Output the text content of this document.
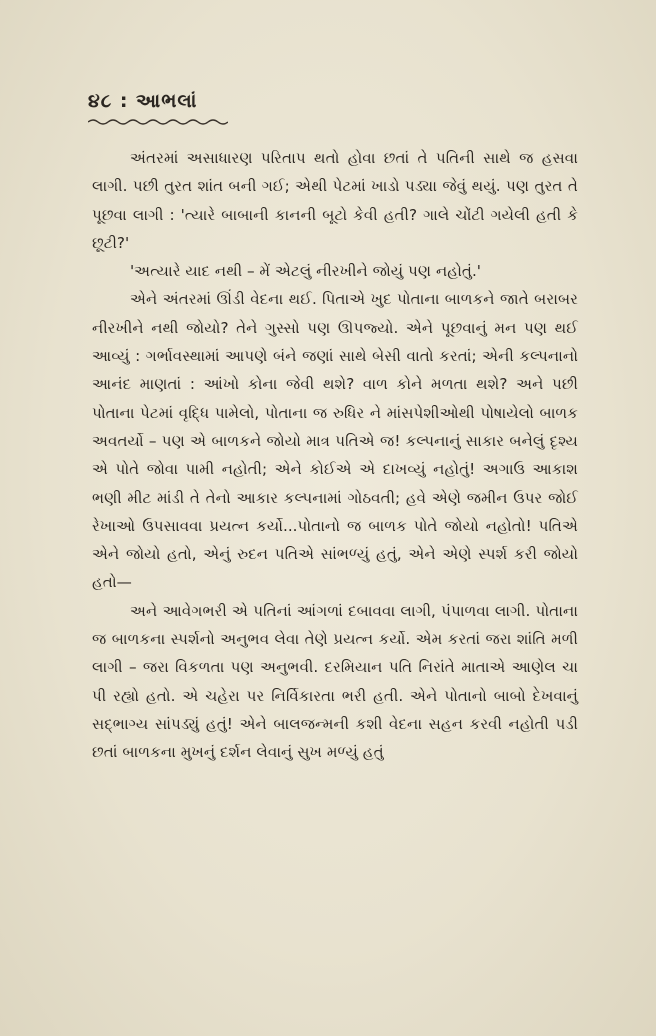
૪૮ : આભલાં

અંતરમાં અસાધારણ પરિતાપ થતો હોવા છતાં તે પતિની સાથે જ હસવા લાગી. પછી તુરત શાંત બની ગઈ; એથી પેટમાં ખાડો પડ્યા જેવું થયું. પણ તુરત તે પૂછવા લાગી : 'ત્યારે બાબાની કાનની બૂટો કેવી હતી? ગાલે ચોંટી ગયેલી હતી કે છૂટી?'

'અત્યારે યાદ નથી – મેં એટલું નીરખીને જોયું પણ નહોતું.'

એને અંતરમાં ઊંડી વેદના થઈ. પિતાએ ખુદ પોતાના બાળકને જાતે બરાબર નીરખીને નથી જોયો? તેને ગુસ્સો પણ ઊપજ્યો. એને પૂછવાનું મન પણ થઈ આવ્યું : ગર્ભાવસ્થામાં આપણે બંને જણાં સાથે બેસી વાતો કરતાં; એની કલ્પનાનો આનંદ માણતાં : આંખો કોના જેવી થશે? વાળ કોને મળતા થશે? અને પછી પોતાના પેટમાં વૃદ્ધિ પામેલો, પોતાના જ રુધિર ને માંસપેશીઓથી પોષાયેલો બાળક અવતર્યો – પણ એ બાળકને જોયો માત્ર પતિએ જ! કલ્પનાનું સાકાર બનેલું દૃશ્ય એ પોતે જોવા પામી નહોતી; એને કોઈએ એ દાખવ્યું નહોતું! અગાઉ આકાશ ભણી મીટ માંડી તે તેનો આકાર કલ્પનામાં ગોઠવતી; હવે એણે જમીન ઉપર જોઈ રેખાઓ ઉપસાવવા પ્રયત્ન કર્યો...પોતાનો જ બાળક પોતે જોયો નહોતો! પતિએ એને જોયો હતો, એનું રુદન પતિએ સાંભળ્યું હતું, એને એણે સ્પર્શ કરી જોયો હતો—

અને આવેગભરી એ પતિનાં આંગળાં દબાવવા લાગી, પંપાળવા લાગી. પોતાના જ બાળકના સ્પર્શનો અનુભવ લેવા તેણે પ્રયત્ન કર્યો. એમ કરતાં જરા શાંતિ મળી લાગી – જરા વિકળતા પણ અનુભવી. દરમિયાન પતિ નિરાંતે માતાએ આણેલ ચા પી રહ્યો હતો. એ ચહેરા પર નિર્વિકારતા ભરી હતી. એને પોતાનો બાબો દેખવાનું સદ્‌ભાગ્ય સાંપડ્યું હતું! એને બાલજન્મની કશી વેદના સહન કરવી નહોતી પડી છતાં બાળકના મુખનું દર્શન લેવાનું સુખ મળ્યું હતું
